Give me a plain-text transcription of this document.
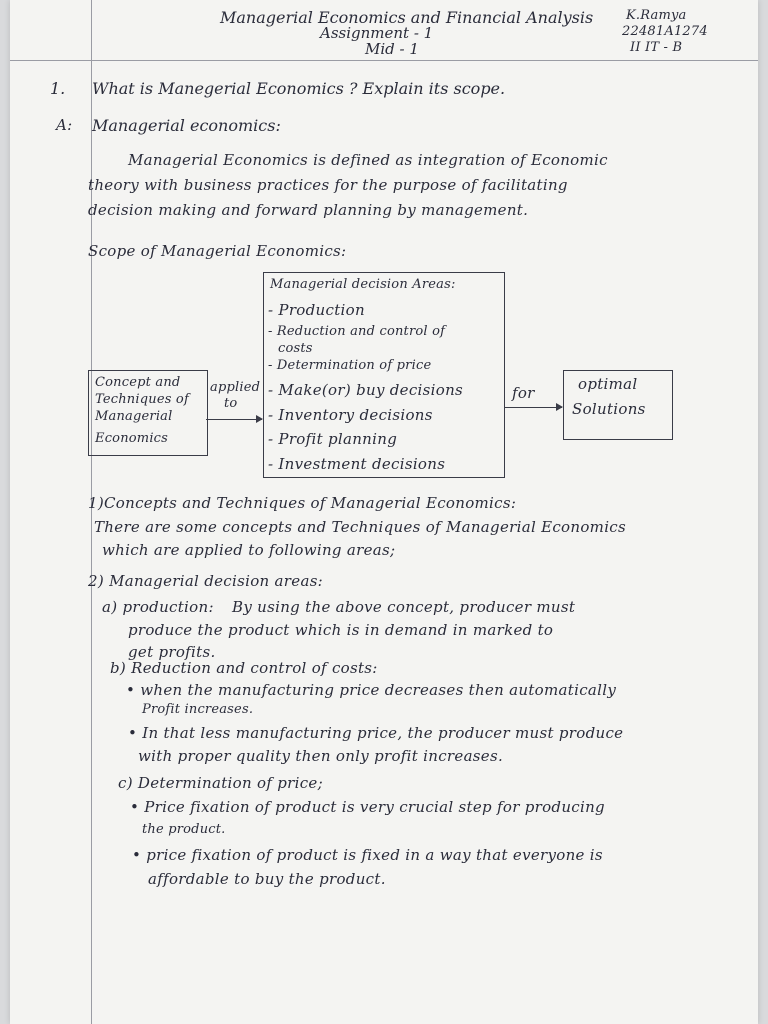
Managerial Economics and Financial Analysis
Assignment - 1
Mid - 1
K.Ramya
22481A1274
II IT - B
1. What is Manegerial Economics ? Explain its scope.
A: Managerial economics:
Managerial Economics is defined as integration of Economic
theory with business practices for the purpose of facilitating
decision making and forward planning by management.
Scope of Managerial Economics:
Concept and
Techniques of
Managerial
Economics
applied
to
Managerial decision Areas:
- Production
- Reduction and control of
costs
- Determination of price
- Make(or) buy decisions
- Inventory decisions
- Profit planning
- Investment decisions
for	optimal
Solutions
1)Concepts and Techniques of Managerial Economics:
There are some concepts and Techniques of Managerial Economics
which are applied to following areas;
2) Managerial decision areas:
a) production: By using the above concept, producer must
produce the product which is in demand in marked to
get profits.
b) Reduction and control of costs:
• when the manufacturing price decreases then automatically
Profit increases.
• In that less manufacturing price, the producer must produce
with proper quality then only profit increases.
c) Determination of price;
• Price fixation of product is very crucial step for producing
the product.
• price fixation of product is fixed in a way that everyone is
affordable to buy the product.
